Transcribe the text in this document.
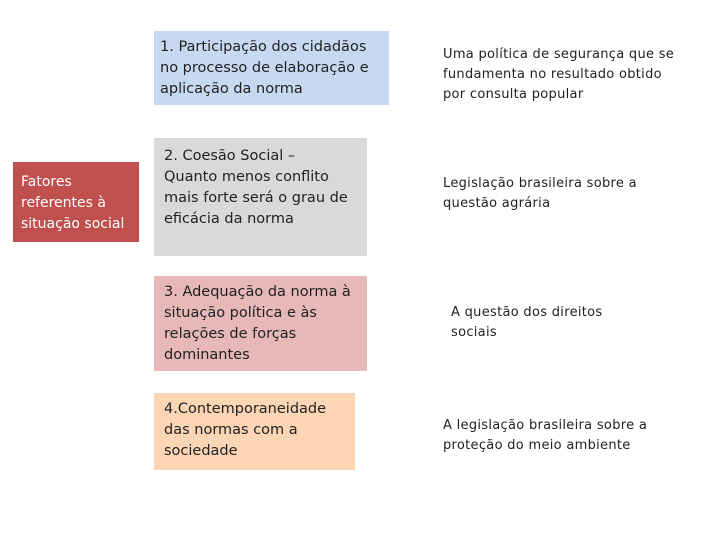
Fatores
referentes à
situação social
1. Participação dos cidadãos
no processo de elaboração e
aplicação da norma
2. Coesão Social –
Quanto menos conflito
mais forte será o grau de
eficácia da norma
3. Adequação da norma à
situação política e às
relações de forças
dominantes
4.Contemporaneidade
das normas com a
sociedade
Uma política de segurança que se
fundamenta no resultado obtido
por consulta popular
Legislação brasileira sobre a
questão agrária
A questão dos direitos
sociais
A legislação brasileira sobre a
proteção do meio ambiente
